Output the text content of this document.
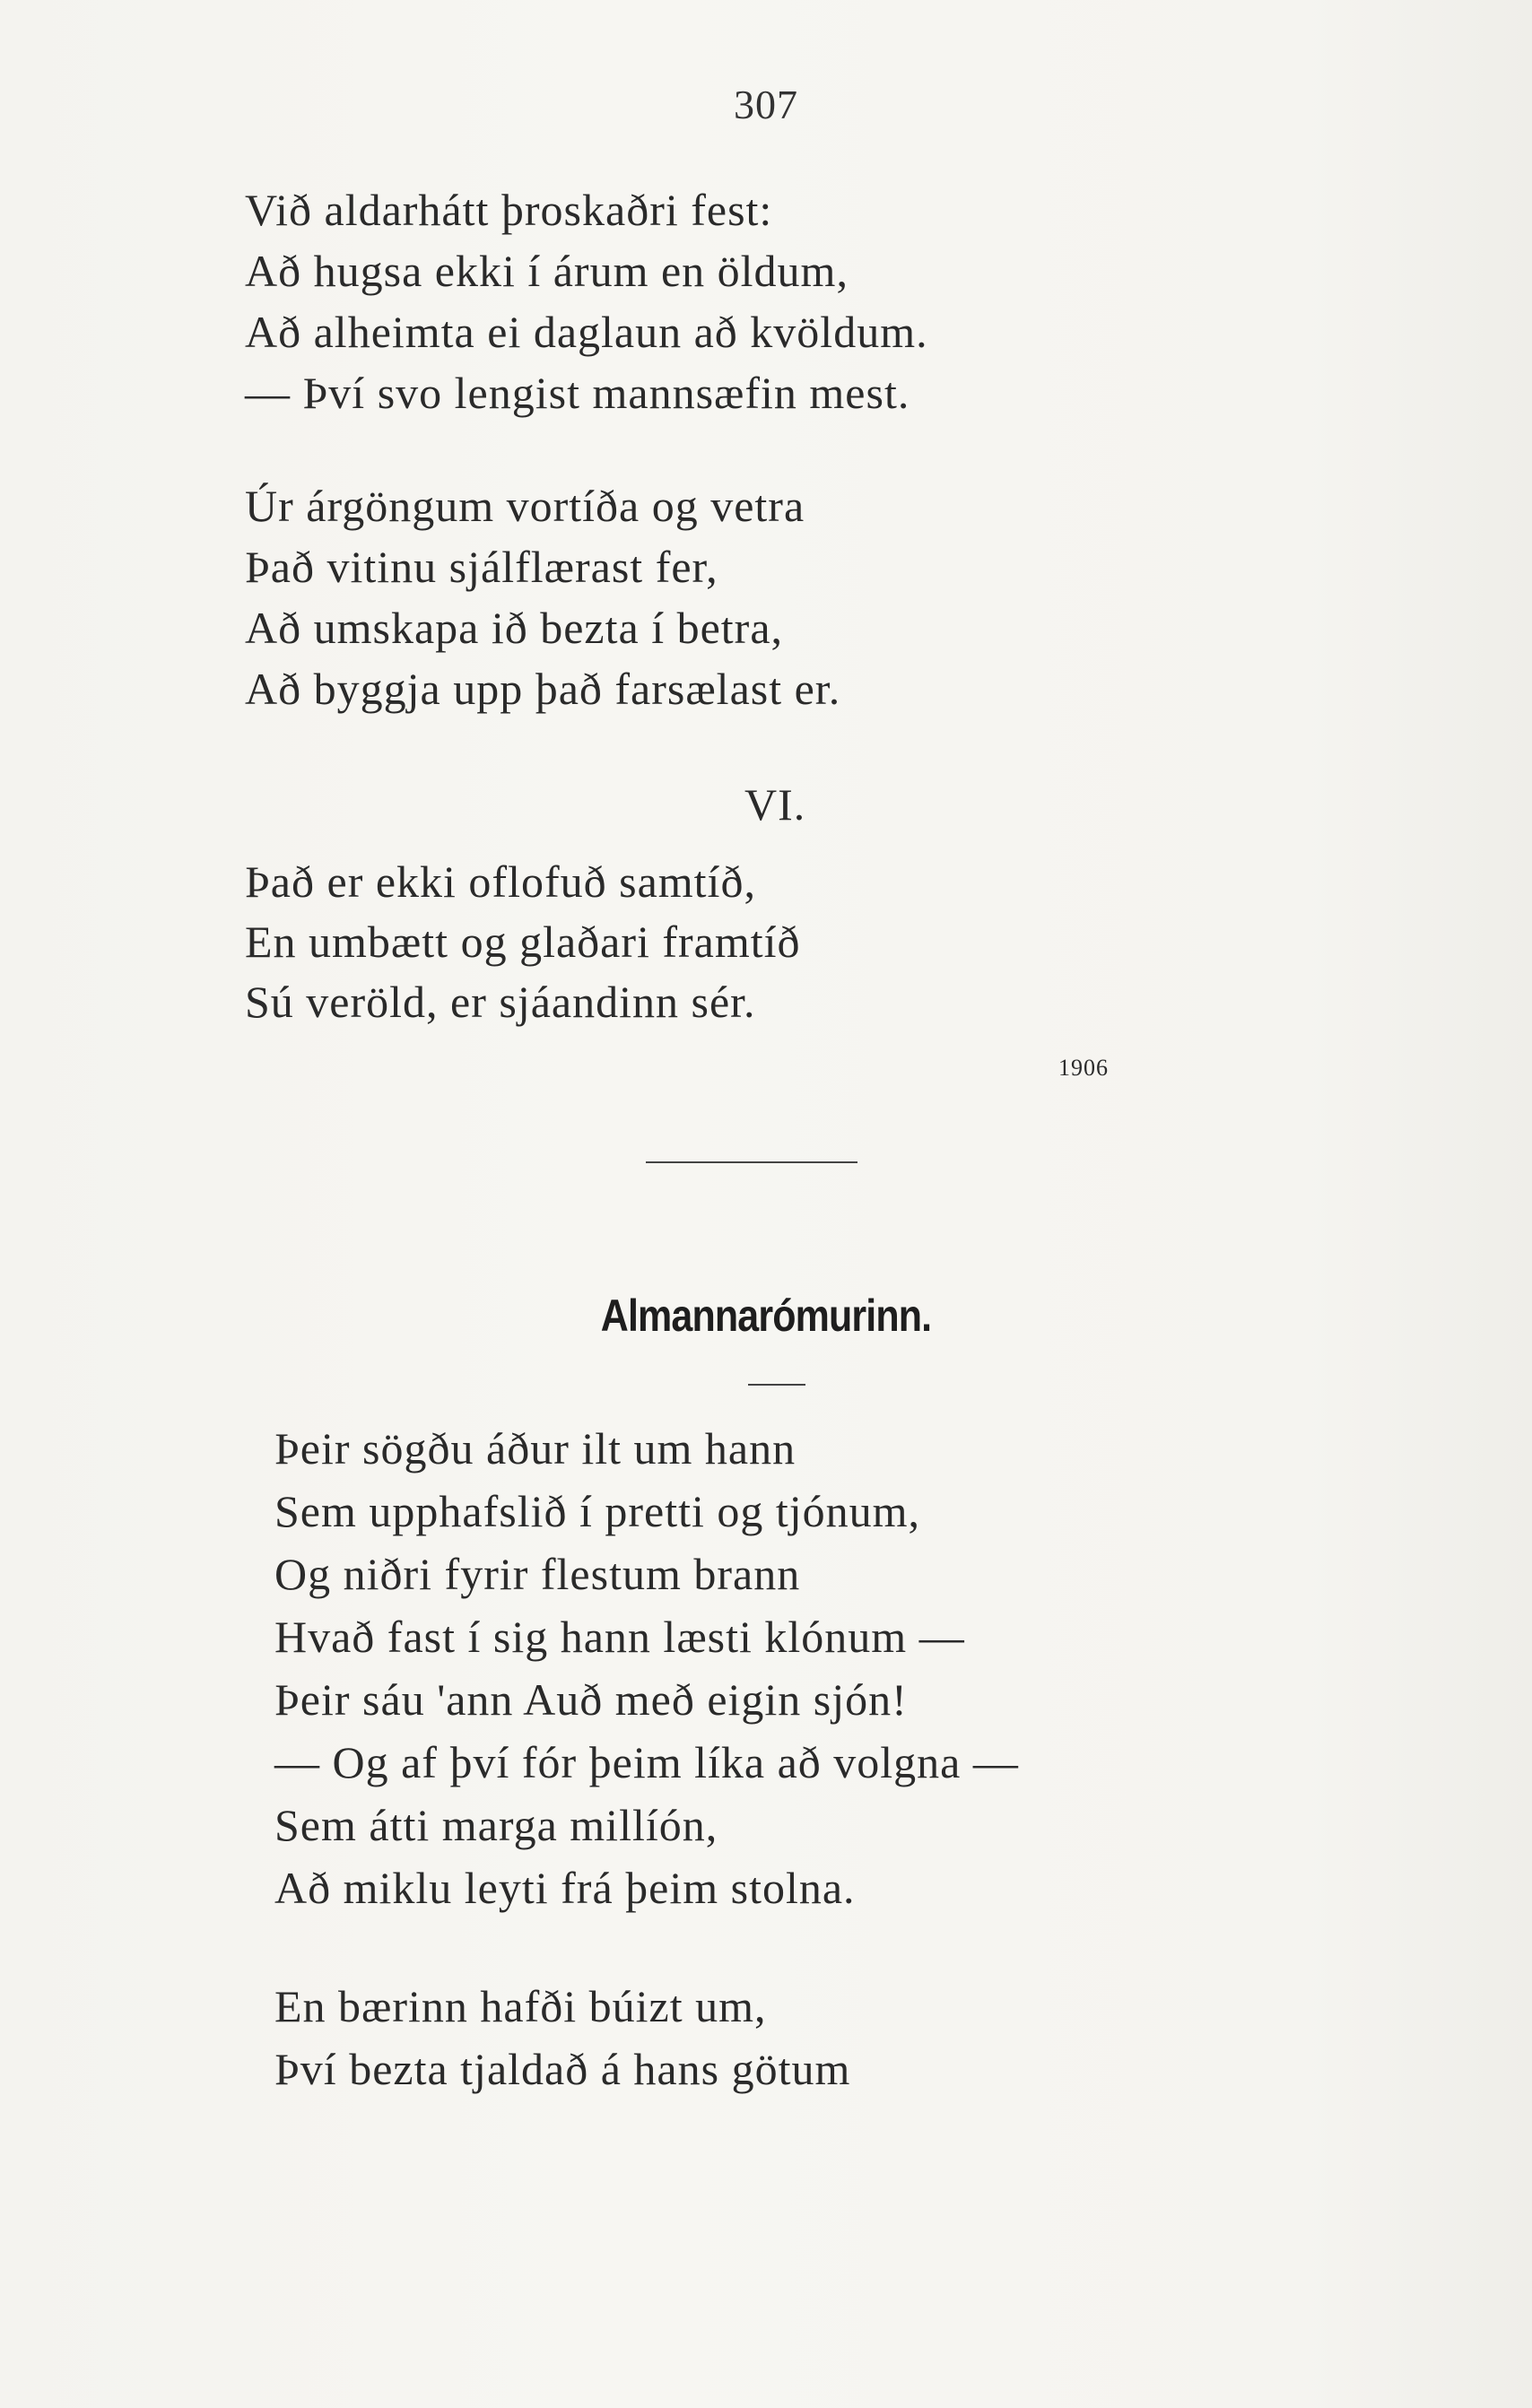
307
Við aldarhátt þroskaðri fest:
Að hugsa ekki í árum en öldum,
Að alheimta ei daglaun að kvöldum.
— Því svo lengist mannsæfin mest.
Úr árgöngum vortíða og vetra
Það vitinu sjálflærast fer,
Að umskapa ið bezta í betra,
Að byggja upp það farsælast er.
VI.
Það er ekki oflofuð samtíð,
En umbætt og glaðari framtíð
Sú veröld, er sjáandinn sér.
1906
Almannarómurinn.
Þeir sögðu áður ilt um hann
Sem upphafslið í pretti og tjónum,
Og niðri fyrir flestum brann
Hvað fast í sig hann læsti klónum —
Þeir sáu 'ann Auð með eigin sjón!
— Og af því fór þeim líka að volgna —
Sem átti marga millíón,
Að miklu leyti frá þeim stolna.
En bærinn hafði búizt um,
Því bezta tjaldað á hans götum
